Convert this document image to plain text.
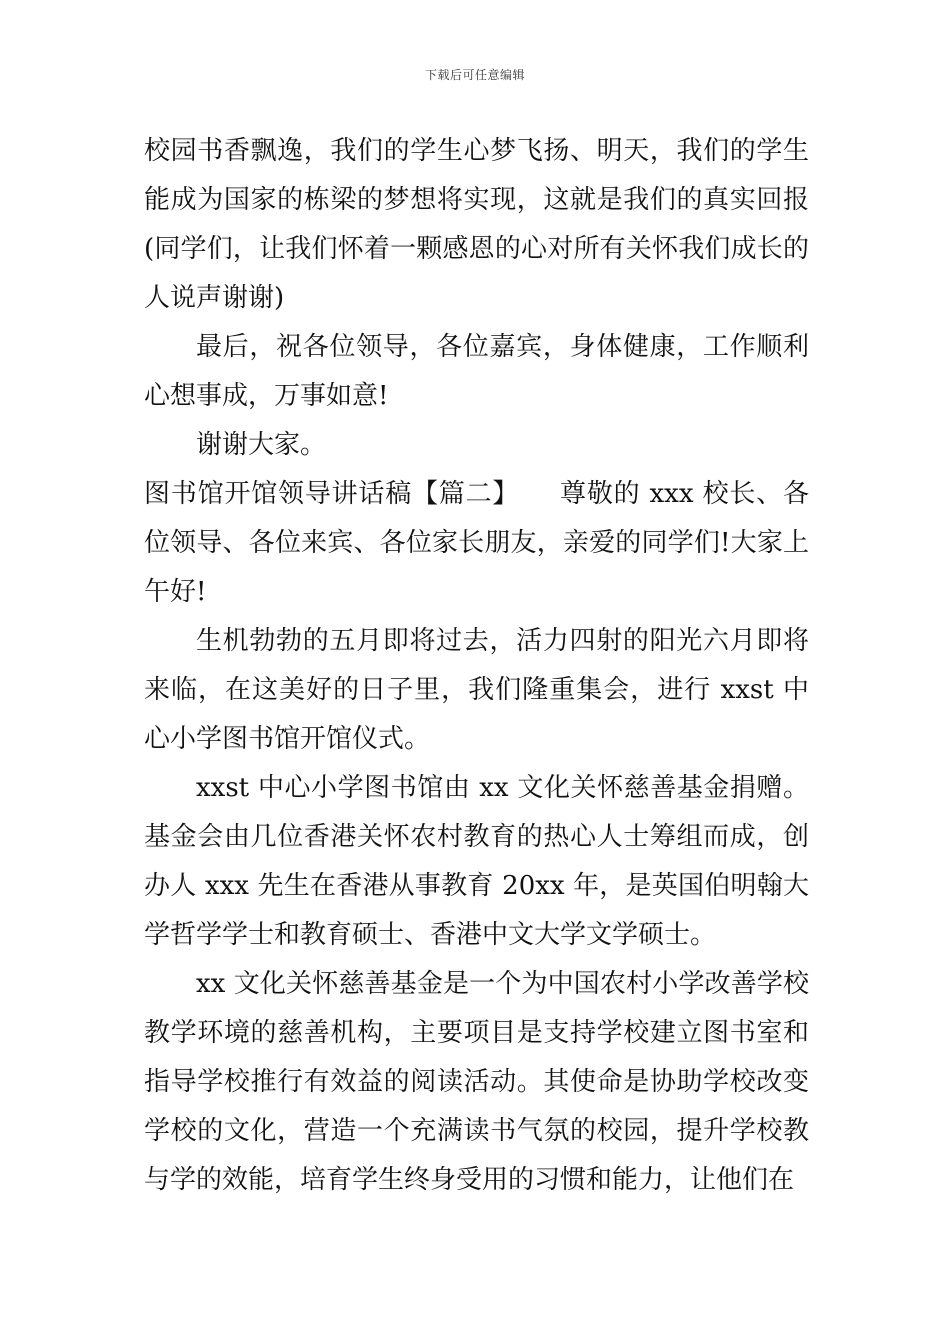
下载后可任意编辑

校园书香飘逸，我们的学生心梦飞扬、明天，我们的学生能成为国家的栋梁的梦想将实现，这就是我们的真实回报(同学们，让我们怀着一颗感恩的心对所有关怀我们成长的人说声谢谢)

最后，祝各位领导，各位嘉宾，身体健康，工作顺利心想事成，万事如意!

谢谢大家。

图书馆开馆领导讲话稿【篇二】 尊敬的 xxx 校长、各位领导、各位来宾、各位家长朋友，亲爱的同学们!大家上午好!

生机勃勃的五月即将过去，活力四射的阳光六月即将来临，在这美好的日子里，我们隆重集会，进行 xxst 中心小学图书馆开馆仪式。

xxst 中心小学图书馆由 xx 文化关怀慈善基金捐赠。基金会由几位香港关怀农村教育的热心人士筹组而成，创办人 xxx 先生在香港从事教育 20xx 年，是英国伯明翰大学哲学学士和教育硕士、香港中文大学文学硕士。

xx 文化关怀慈善基金是一个为中国农村小学改善学校教学环境的慈善机构，主要项目是支持学校建立图书室和指导学校推行有效益的阅读活动。其使命是协助学校改变学校的文化，营造一个充满读书气氛的校园，提升学校教与学的效能，培育学生终身受用的习惯和能力，让他们在
